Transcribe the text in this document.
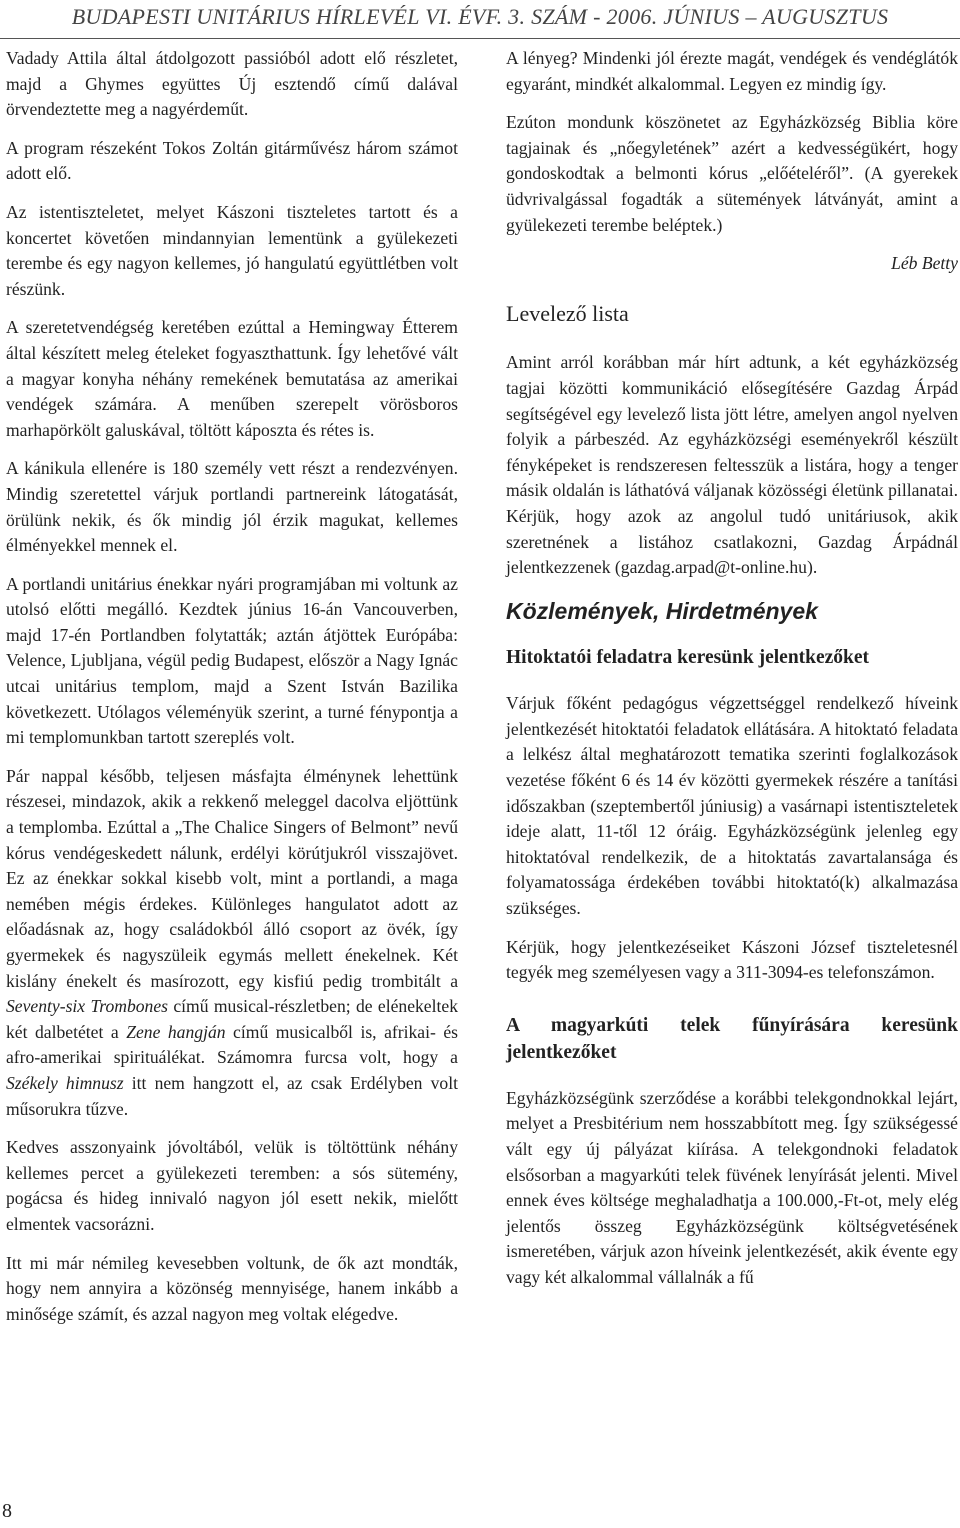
BUDAPESTI UNITÁRIUS HÍRLEVÉL VI. ÉVF. 3. SZÁM - 2006. JÚNIUS – AUGUSZTUS

Vadady Attila által átdolgozott passióból adott elő részletet, majd a Ghymes együttes Új esztendő című dalával örvendeztette meg a nagyérdeműt.

A program részeként Tokos Zoltán gitárművész három számot adott elő.

Az istentiszteletet, melyet Kászoni tiszteletes tartott és a koncertet követően mindannyian lementünk a gyülekezeti terembe és egy nagyon kellemes, jó hangulatú együttlétben volt részünk.

A szeretetvendégség keretében ezúttal a Hemingway Étterem által készített meleg ételeket fogyaszthattunk. Így lehetővé vált a magyar konyha néhány remekének bemutatása az amerikai vendégek számára. A menűben szerepelt vörösboros marhapörkölt galuskával, töltött káposzta és rétes is.

A kánikula ellenére is 180 személy vett részt a rendezvényen. Mindig szeretettel várjuk portlandi partnereink látogatását, örülünk nekik, és ők mindig jól érzik magukat, kellemes élményekkel mennek el.

A portlandi unitárius énekkar nyári programjában mi voltunk az utolsó előtti megálló. Kezdtek június 16-án Vancouverben, majd 17-én Portlandben folytatták; aztán átjöttek Európába: Velence, Ljubljana, végül pedig Budapest, először a Nagy Ignác utcai unitárius templom, majd a Szent István Bazilika következett. Utólagos véleményük szerint, a turné fénypontja a mi templomunkban tartott szereplés volt.

Pár nappal később, teljesen másfajta élménynek lehettünk részesei, mindazok, akik a rekkenő meleggel dacolva eljöttünk a templomba. Ezúttal a „The Chalice Singers of Belmont” nevű kórus vendégeskedett nálunk, erdélyi körútjukról visszajövet. Ez az énekkar sokkal kisebb volt, mint a portlandi, a maga nemében mégis érdekes. Különleges hangulatot adott az előadásnak az, hogy családokból álló csoport az övék, így gyermekek és nagyszüleik egymás mellett énekelnek. Két kislány énekelt és masírozott, egy kisfiú pedig trombitált a Seventy-six Trombones című musical-részletben; de elénekeltek két dalbetétet a Zene hangján című musicalből is, afrikai- és afro-amerikai spirituálékat. Számomra furcsa volt, hogy a Székely himnusz itt nem hangzott el, az csak Erdélyben volt műsorukra tűzve.

Kedves asszonyaink jóvoltából, velük is töltöttünk néhány kellemes percet a gyülekezeti teremben: a sós sütemény, pogácsa és hideg innivaló nagyon jól esett nekik, mielőtt elmentek vacsorázni.

Itt mi már némileg kevesebben voltunk, de ők azt mondták, hogy nem annyira a közönség mennyisége, hanem inkább a minősége számít, és azzal nagyon meg voltak elégedve.

A lényeg? Mindenki jól érezte magát, vendégek és vendéglátók egyaránt, mindkét alkalommal. Legyen ez mindig így.

Ezúton mondunk köszönetet az Egyházközség Biblia köre tagjainak és „nőegyletének” azért a kedvességükért, hogy gondoskodtak a belmonti kórus „előételéről”. (A gyerekek üdvrivalgással fogadták a sütemények látványát, amint a gyülekezeti terembe beléptek.)

Léb Betty

Levelező lista

Amint arról korábban már hírt adtunk, a két egyházközség tagjai közötti kommunikáció elősegítésére Gazdag Árpád segítségével egy levelező lista jött létre, amelyen angol nyelven folyik a párbeszéd. Az egyházközségi eseményekről készült fényképeket is rendszeresen feltesszük a listára, hogy a tenger másik oldalán is láthatóvá váljanak közösségi életünk pillanatai. Kérjük, hogy azok az angolul tudó unitáriusok, akik szeretnének a listához csatlakozni, Gazdag Árpádnál jelentkezzenek (gazdag.arpad@t-online.hu).

Közlemények, Hirdetmények
Hitoktatói feladatra keresünk jelentkezőket

Várjuk főként pedagógus végzettséggel rendelkező híveink jelentkezését hitoktatói feladatok ellátására. A hitoktató feladata a lelkész által meghatározott tematika szerinti foglalkozások vezetése főként 6 és 14 év közötti gyermekek részére a tanítási időszakban (szeptembertől júniusig) a vasárnapi istentiszteletek ideje alatt, 11-től 12 óráig. Egyházközségünk jelenleg egy hitoktatóval rendelkezik, de a hitoktatás zavartalansága és folyamatossága érdekében további hitoktató(k) alkalmazása szükséges.

Kérjük, hogy jelentkezéseiket Kászoni József tiszteletesnél tegyék meg személyesen vagy a 311-3094-es telefonszámon.

A magyarkúti telek fűnyírására keresünk jelentkezőket

Egyházközségünk szerződése a korábbi telekgondnokkal lejárt, melyet a Presbitérium nem hosszabbított meg. Így szükségessé vált egy új pályázat kiírása. A telekgondnoki feladatok elsősorban a magyarkúti telek füvének lenyírását jelenti. Mivel ennek éves költsége meghaladhatja a 100.000,-Ft-ot, mely elég jelentős összeg Egyházközségünk költségvetésének ismeretében, várjuk azon híveink jelentkezését, akik évente egy vagy két alkalommal vállalnák a fű

8
